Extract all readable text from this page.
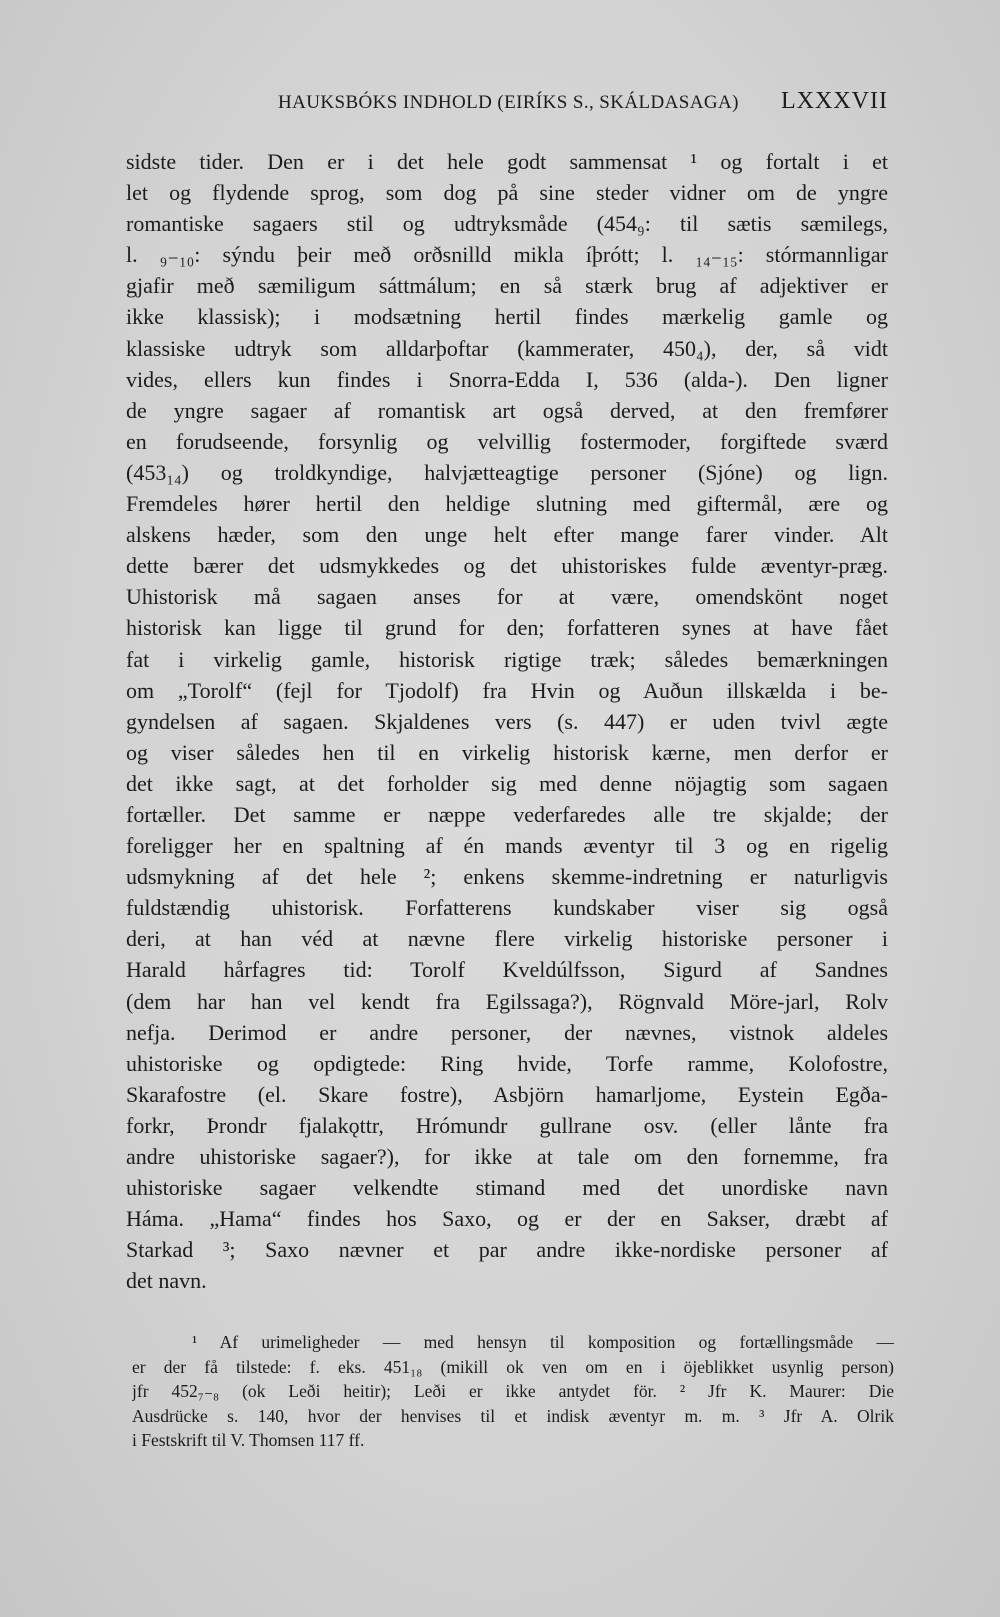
HAUKSBÓKS INDHOLD (EIRÍKS S., SKÁLDASAGA) LXXXVII
sidste tider. Den er i det hele godt sammensat ¹ og fortalt i et
let og flydende sprog, som dog på sine steder vidner om de yngre
romantiske sagaers stil og udtryksmåde (454₉: til sætis sæmilegs,
l. ₉₋₁₀: sýndu þeir með orðsnilld mikla íþrótt; l. ₁₄₋₁₅: stórmannligar
gjafir með sæmiligum sáttmálum; en så stærk brug af adjektiver er
ikke klassisk); i modsætning hertil findes mærkelig gamle og
klassiske udtryk som alldarþoftar (kammerater, 450₄), der, så vidt
vides, ellers kun findes i Snorra-Edda I, 536 (alda-). Den ligner
de yngre sagaer af romantisk art også derved, at den fremfører
en forudseende, forsynlig og velvillig fostermoder, forgiftede sværd
(453₁₄) og troldkyndige, halvjætteagtige personer (Sjóne) og lign.
Fremdeles hører hertil den heldige slutning med giftermål, ære og
alskens hæder, som den unge helt efter mange farer vinder. Alt
dette bærer det udsmykkedes og det uhistoriskes fulde æventyr-præg.
Uhistorisk må sagaen anses for at være, omendskönt noget
historisk kan ligge til grund for den; forfatteren synes at have fået
fat i virkelig gamle, historisk rigtige træk; således bemærkningen
om „Torolf“ (fejl for Tjodolf) fra Hvin og Auðun illskælda i be-
gyndelsen af sagaen. Skjaldenes vers (s. 447) er uden tvivl ægte
og viser således hen til en virkelig historisk kærne, men derfor er
det ikke sagt, at det forholder sig med denne nöjagtig som sagaen
fortæller. Det samme er næppe vederfaredes alle tre skjalde; der
foreligger her en spaltning af én mands æventyr til 3 og en rigelig
udsmykning af det hele ²; enkens skemme-indretning er naturligvis
fuldstændig uhistorisk. Forfatterens kundskaber viser sig også
deri, at han véd at nævne flere virkelig historiske personer i
Harald hårfagres tid: Torolf Kveldúlfsson, Sigurd af Sandnes
(dem har han vel kendt fra Egilssaga?), Rögnvald Möre-jarl, Rolv
nefja. Derimod er andre personer, der nævnes, vistnok aldeles
uhistoriske og opdigtede: Ring hvide, Torfe ramme, Kolofostre,
Skarafostre (el. Skare fostre), Asbjörn hamarljome, Eystein Egða-
forkr, Þrondr fjalakǫttr, Hrómundr gullrane osv. (eller lånte fra
andre uhistoriske sagaer?), for ikke at tale om den fornemme, fra
uhistoriske sagaer velkendte stimand med det unordiske navn
Háma. „Hama“ findes hos Saxo, og er der en Sakser, dræbt af
Starkad ³; Saxo nævner et par andre ikke-nordiske personer af
det navn.
¹ Af urimeligheder — med hensyn til komposition og fortællingsmåde —
er der få tilstede: f. eks. 451₁₈ (mikill ok ven om en i öjeblikket usynlig person)
jfr 452₇₋₈ (ok Leði heitir); Leði er ikke antydet för. ² Jfr K. Maurer: Die
Ausdrücke s. 140, hvor der henvises til et indisk æventyr m. m. ³ Jfr A. Olrik
i Festskrift til V. Thomsen 117 ff.
